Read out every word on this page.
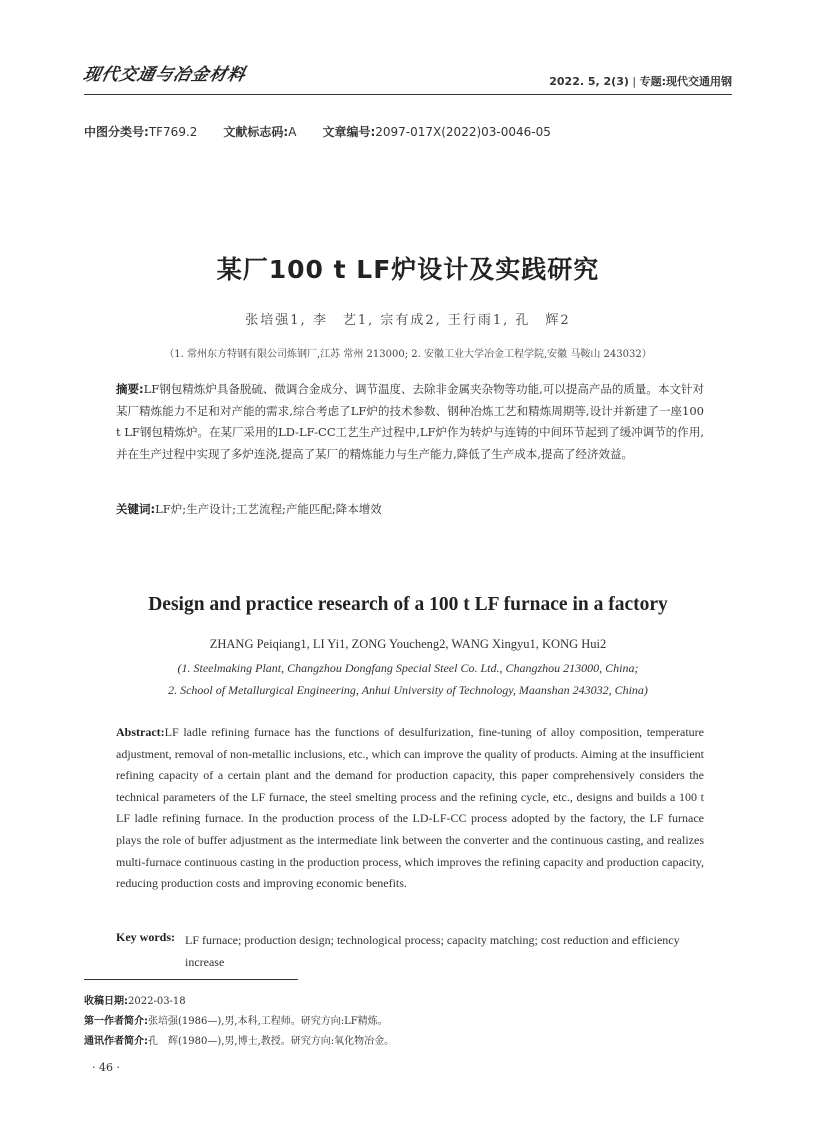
现代交通与冶金材料	2022. 5, 2(3) | 专题:现代交通用钢
中图分类号:TF769.2 文献标志码:A 文章编号:2097-017X(2022)03-0046-05
某厂100 t LF炉设计及实践研究
张培强1, 李　艺1, 宗有成2, 王行雨1, 孔　辉2
（1. 常州东方特钢有限公司炼钢厂,江苏 常州 213000; 2. 安徽工业大学冶金工程学院,安徽 马鞍山 243032）
摘要:LF钢包精炼炉具备脱硫、微调合金成分、调节温度、去除非金属夹杂物等功能,可以提高产品的质量。本文针对某厂精炼能力不足和对产能的需求,综合考虑了LF炉的技术参数、钢种冶炼工艺和精炼周期等,设计并新建了一座100 t LF钢包精炼炉。在某厂采用的LD-LF-CC工艺生产过程中,LF炉作为转炉与连铸的中间环节起到了缓冲调节的作用,并在生产过程中实现了多炉连浇,提高了某厂的精炼能力与生产能力,降低了生产成本,提高了经济效益。
关键词:LF炉;生产设计;工艺流程;产能匹配;降本增效
Design and practice research of a 100 t LF furnace in a factory
ZHANG Peiqiang1, LI Yi1, ZONG Youcheng2, WANG Xingyu1, KONG Hui2
(1. Steelmaking Plant, Changzhou Dongfang Special Steel Co. Ltd., Changzhou 213000, China;
2. School of Metallurgical Engineering, Anhui University of Technology, Maanshan 243032, China)
Abstract:LF ladle refining furnace has the functions of desulfurization, fine-tuning of alloy composition, temperature adjustment, removal of non-metallic inclusions, etc., which can improve the quality of products. Aiming at the insufficient refining capacity of a certain plant and the demand for production capacity, this paper comprehensively considers the technical parameters of the LF furnace, the steel smelting process and the refining cycle, etc., designs and builds a 100 t LF ladle refining furnace. In the production process of the LD-LF-CC process adopted by the factory, the LF furnace plays the role of buffer adjustment as the intermediate link between the converter and the continuous casting, and realizes multi-furnace continuous casting in the production process, which improves the refining capacity and production capacity, reducing production costs and improving economic benefits.
Key words: LF furnace; production design; technological process; capacity matching; cost reduction and efficiency increase
收稿日期:2022-03-18
第一作者简介:张培强(1986—),男,本科,工程师。研究方向:LF精炼。
通讯作者简介:孔　辉(1980—),男,博士,教授。研究方向:氧化物冶金。
· 46 ·
